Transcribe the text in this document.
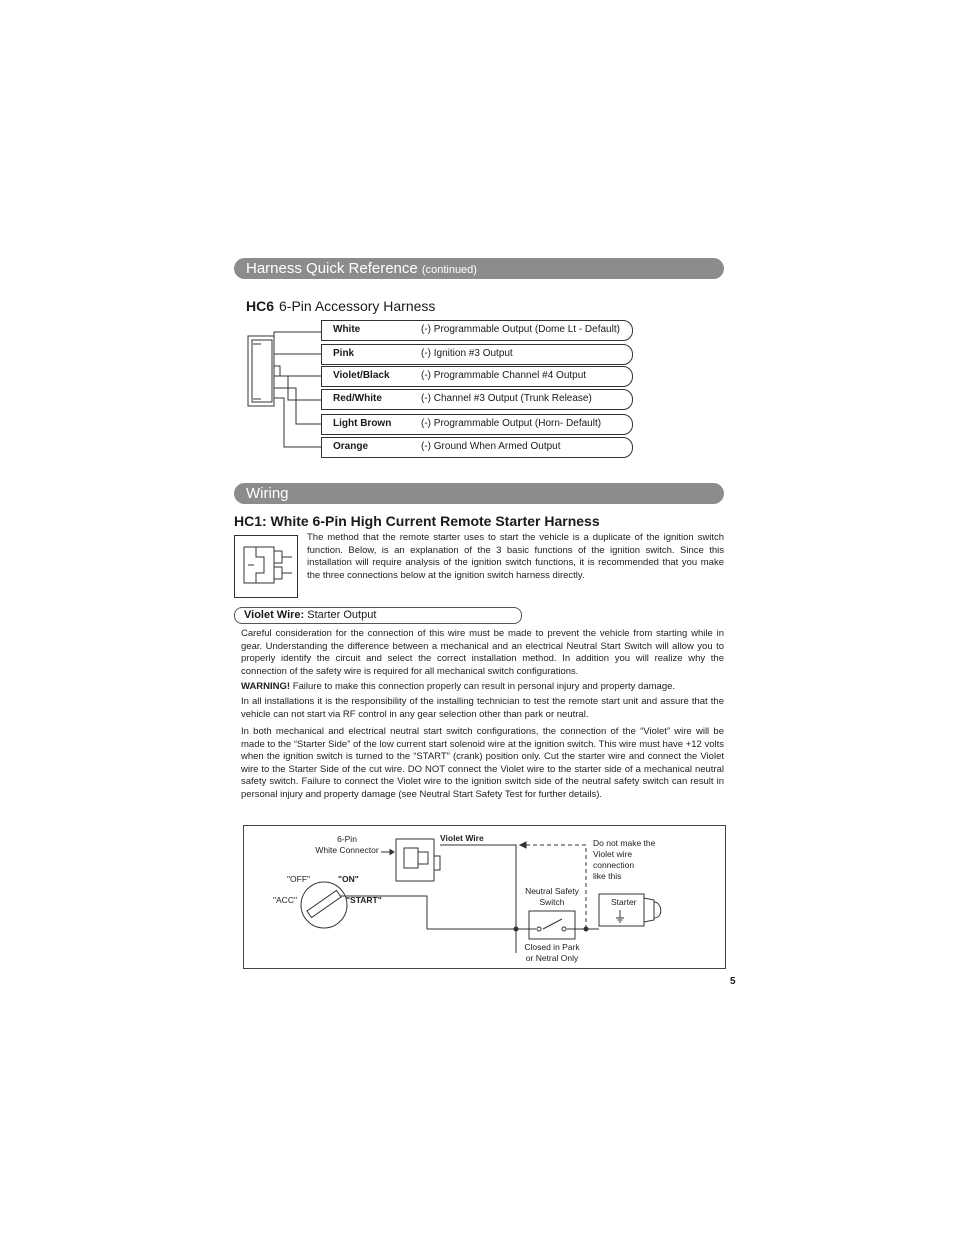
Harness Quick Reference (continued)
HC6 6-Pin Accessory Harness
White	(-) Programmable Output (Dome Lt - Default)
Pink	(-) Ignition #3 Output
Violet/Black	(-) Programmable Channel #4 Output
Red/White	(-) Channel #3 Output (Trunk Release)
Light Brown	(-) Programmable Output (Horn- Default)
Orange	(-) Ground When Armed Output
Wiring
HC1: White 6-Pin High Current Remote Starter Harness
The method that the remote starter uses to start the vehicle is a duplicate of the ignition switch function. Below, is an explanation of the 3 basic functions of the ignition switch. Since this installation will require analysis of the ignition switch functions, it is recommended that you make the three connections below at the ignition switch harness directly.
Violet Wire: Starter Output
Careful consideration for the connection of this wire must be made to prevent the vehicle from starting while in gear. Understanding the difference between a mechanical and an electrical Neutral Start Switch will allow you to properly identify the circuit and select the correct installation method. In addition you will realize why the connection of the safety wire is required for all mechanical switch configurations.
WARNING! Failure to make this connection properly can result in personal injury and property damage.
In all installations it is the responsibility of the installing technician to test the remote start unit and assure that the vehicle can not start via RF control in any gear selection other than park or neutral.
In both mechanical and electrical neutral start switch configurations, the connection of the “Violet” wire will be made to the “Starter Side” of the low current start solenoid wire at the ignition switch. This wire must have +12 volts when the ignition switch is turned to the “START” (crank) position only. Cut the starter wire and connect the Violet wire to the Starter Side of the cut wire. DO NOT connect the Violet wire to the starter side of a mechanical neutral safety switch. Failure to connect the Violet wire to the ignition switch side of the neutral safety switch can result in personal injury and property damage (see Neutral Start Safety Test for further details).
6-Pin
White Connector
Violet Wire
"OFF"	"ON"
"ACC"	"START"
Neutral Safety
Switch
Closed in Park
or Netral Only
Do not make the
Violet wire
connection
like this
Starter
5
